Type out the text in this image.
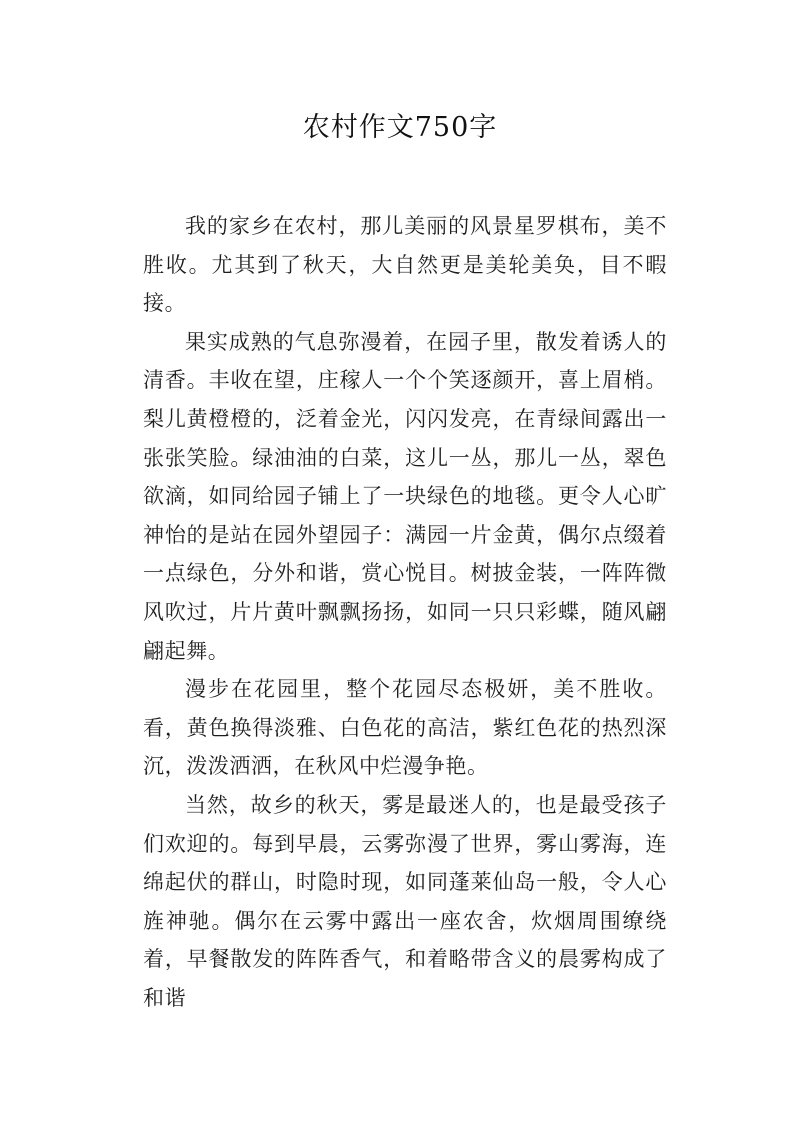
农村作文750字

我的家乡在农村，那儿美丽的风景星罗棋布，美不胜收。尤其到了秋天，大自然更是美轮美奂，目不暇接。

果实成熟的气息弥漫着，在园子里，散发着诱人的清香。丰收在望，庄稼人一个个笑逐颜开，喜上眉梢。梨儿黄橙橙的，泛着金光，闪闪发亮，在青绿间露出一张张笑脸。绿油油的白菜，这儿一丛，那儿一丛，翠色欲滴，如同给园子铺上了一块绿色的地毯。更令人心旷神怡的是站在园外望园子：满园一片金黄，偶尔点缀着一点绿色，分外和谐，赏心悦目。树披金装，一阵阵微风吹过，片片黄叶飘飘扬扬，如同一只只彩蝶，随风翩翩起舞。

漫步在花园里，整个花园尽态极妍，美不胜收。看，黄色换得淡雅、白色花的高洁，紫红色花的热烈深沉，泼泼洒洒，在秋风中烂漫争艳。

当然，故乡的秋天，雾是最迷人的，也是最受孩子们欢迎的。每到早晨，云雾弥漫了世界，雾山雾海，连绵起伏的群山，时隐时现，如同蓬莱仙岛一般，令人心旌神驰。偶尔在云雾中露出一座农舍，炊烟周围缭绕着，早餐散发的阵阵香气，和着略带含义的晨雾构成了和谐
